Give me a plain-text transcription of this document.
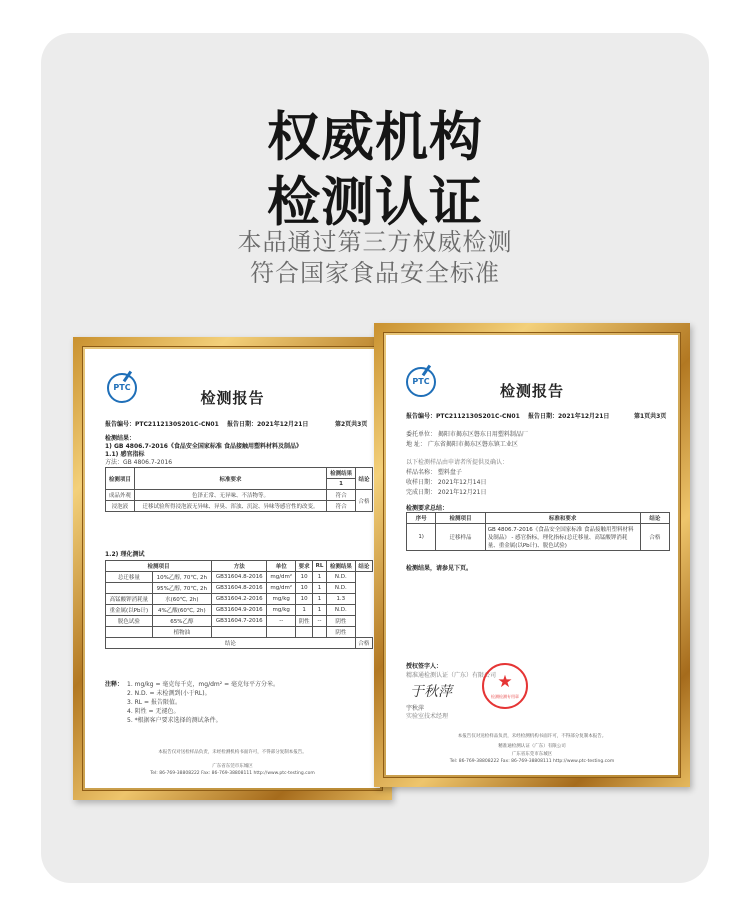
权威机构
检测认证
本品通过第三方权威检测
符合国家食品安全标准
PTC
检测报告
报告编号：PTC2112130S201C-CN01 报告日期：2021年12月21日	第2页共3页
检测结果：
1) GB 4806.7-2016《食品安全国家标准 食品接触用塑料材料及制品》
1.1) 感官指标
方法：GB 4806.7-2016
检测项目	标准要求	检测结果	结论
		1	
成品外观	色泽正常、无异味、不洁物等。	符合	合格
浸泡液	迁移试验所得浸泡液无异味、异臭、浑浊、沉淀、异味等感官性的改变。	符合	
1.2) 理化测试
检测项目		方法	单位	要求	RL	检测结果	结论
总迁移量	10%乙醇, 70℃, 2h	GB31604.8-2016	mg/dm²	10	1	N.D.	
	95%乙醇, 70℃, 2h	GB31604.8-2016	mg/dm²	10	1	N.D.	
高锰酸钾消耗量	水(60℃, 2h)	GB31604.2-2016	mg/kg	10	1	1.3	
重金属(以Pb计)	4%乙酸(60℃, 2h)	GB31604.9-2016	mg/kg	1	1	N.D.	
脱色试验	65%乙醇	GB31604.7-2016	--	阴性	--	阴性	
	植物油					阴性	
结论							合格
注释： 1. mg/kg = 毫克每千克，mg/dm² = 毫克每平方分米。
2. N.D. = 未检测到(小于RL)。
3. RL = 报告限值。
4. 阴性 = 无褪色。
5. *根据客户要求选择的测试条件。
本报告仅对送检样品负责，未经检测机构书面许可，不得部分复制本报告。
广东省东莞市东城区
Tel: 86-769-38808222 Fax: 86-769-38808111 http://www.ptc-testing.com
PTC
检测报告
报告编号：PTC2112130S201C-CN01 报告日期：2021年12月21日	第1页共3页
委托单位： 揭阳市揭东区磐东日用塑料制品厂
地 址： 广东省揭阳市揭东区磐东镇工业区
以下检测样品由申请者所提供及确认：
样品名称： 塑料盘子
收样日期： 2021年12月14日
完成日期： 2021年12月21日
检测要求总结：
序号	检测项目	标准和要求	结论
1)	迁移样品	GB 4806.7-2016《食品安全国家标准 食品接触用塑料材料及制品》 - 感官指标，理化指标(总迁移量、高锰酸钾消耗量、重金属(以Pb计)、脱色试验)	合格
检测结果，请参见下页。
授权签字人：
精准通检测认证（广东）有限公司
于秋萍
宇秋萍
实验室技术经理
★
检测检测专用章
本报告仅对送检样品负责，未经检测机构书面许可，不得部分复制本报告。
精准通检测认证（广东）有限公司
广东省东莞市东城区
Tel: 86-769-38808222 Fax: 86-769-38808111 http://www.ptc-testing.com
